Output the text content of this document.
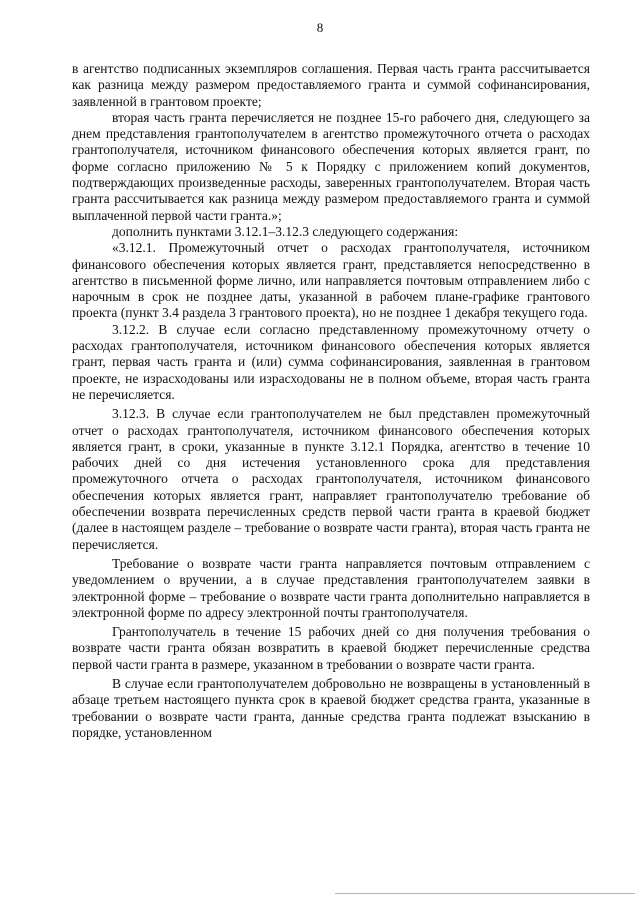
8

в агентство подписанных экземпляров соглашения. Первая часть гранта рассчитывается как разница между размером предоставляемого гранта и суммой софинансирования, заявленной в грантовом проекте;

вторая часть гранта перечисляется не позднее 15-го рабочего дня, следующего за днем представления грантополучателем в агентство промежуточного отчета о расходах грантополучателя, источником финансового обеспечения которых является грант, по форме согласно приложению № 5 к Порядку с приложением копий документов, подтверждающих произведенные расходы, заверенных грантополучателем. Вторая часть гранта рассчитывается как разница между размером предоставляемого гранта и суммой выплаченной первой части гранта.»;

дополнить пунктами 3.12.1–3.12.3 следующего содержания:

«3.12.1. Промежуточный отчет о расходах грантополучателя, источником финансового обеспечения которых является грант, представляется непосредственно в агентство в письменной форме лично, или направляется почтовым отправлением либо с нарочным в срок не позднее даты, указанной в рабочем плане-графике грантового проекта (пункт 3.4 раздела 3 грантового проекта), но не позднее 1 декабря текущего года.

3.12.2. В случае если согласно представленному промежуточному отчету о расходах грантополучателя, источником финансового обеспечения которых является грант, первая часть гранта и (или) сумма софинансирования, заявленная в грантовом проекте, не израсходованы или израсходованы не в полном объеме, вторая часть гранта не перечисляется.

3.12.3. В случае если грантополучателем не был представлен промежуточный отчет о расходах грантополучателя, источником финансового обеспечения которых является грант, в сроки, указанные в пункте 3.12.1 Порядка, агентство в течение 10 рабочих дней со дня истечения установленного срока для представления промежуточного отчета о расходах грантополучателя, источником финансового обеспечения которых является грант, направляет грантополучателю требование об обеспечении возврата перечисленных средств первой части гранта в краевой бюджет (далее в настоящем разделе – требование о возврате части гранта), вторая часть гранта не перечисляется.

Требование о возврате части гранта направляется почтовым отправлением с уведомлением о вручении, а в случае представления грантополучателем заявки в электронной форме – требование о возврате части гранта дополнительно направляется в электронной форме по адресу электронной почты грантополучателя.

Грантополучатель в течение 15 рабочих дней со дня получения требования о возврате части гранта обязан возвратить в краевой бюджет перечисленные средства первой части гранта в размере, указанном в требовании о возврате части гранта.

В случае если грантополучателем добровольно не возвращены в установленный в абзаце третьем настоящего пункта срок в краевой бюджет средства гранта, указанные в требовании о возврате части гранта, данные средства гранта подлежат взысканию в порядке, установленном
